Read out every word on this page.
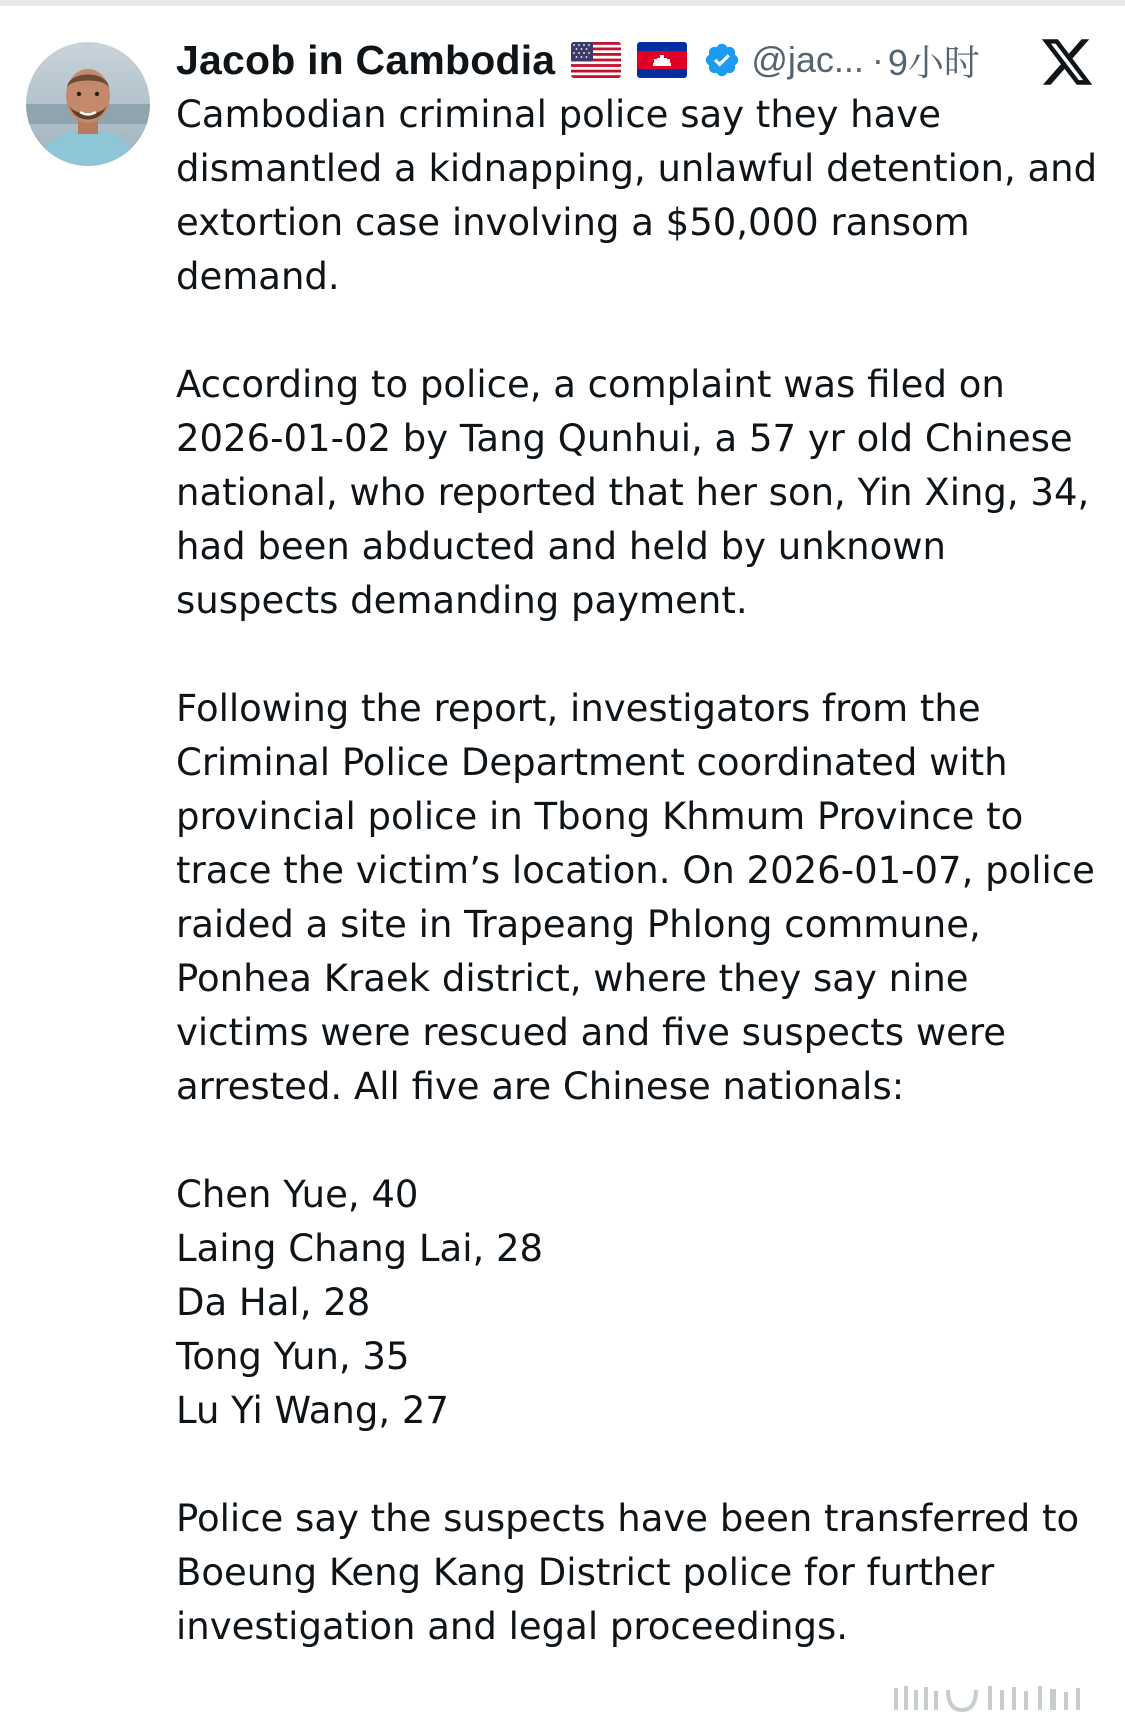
Jacob in Cambodia	@jac... · 9小时

Cambodian criminal police say they have dismantled a kidnapping, unlawful detention, and extortion case involving a $50,000 ransom demand.

According to police, a complaint was filed on 2026-01-02 by Tang Qunhui, a 57 yr old Chinese national, who reported that her son, Yin Xing, 34, had been abducted and held by unknown suspects demanding payment.

Following the report, investigators from the Criminal Police Department coordinated with provincial police in Tbong Khmum Province to trace the victim’s location. On 2026-01-07, police raided a site in Trapeang Phlong commune, Ponhea Kraek district, where they say nine victims were rescued and five suspects were arrested. All five are Chinese nationals:

Chen Yue, 40
Laing Chang Lai, 28
Da Hal, 28
Tong Yun, 35
Lu Yi Wang, 27

Police say the suspects have been transferred to Boeung Keng Kang District police for further investigation and legal proceedings.
